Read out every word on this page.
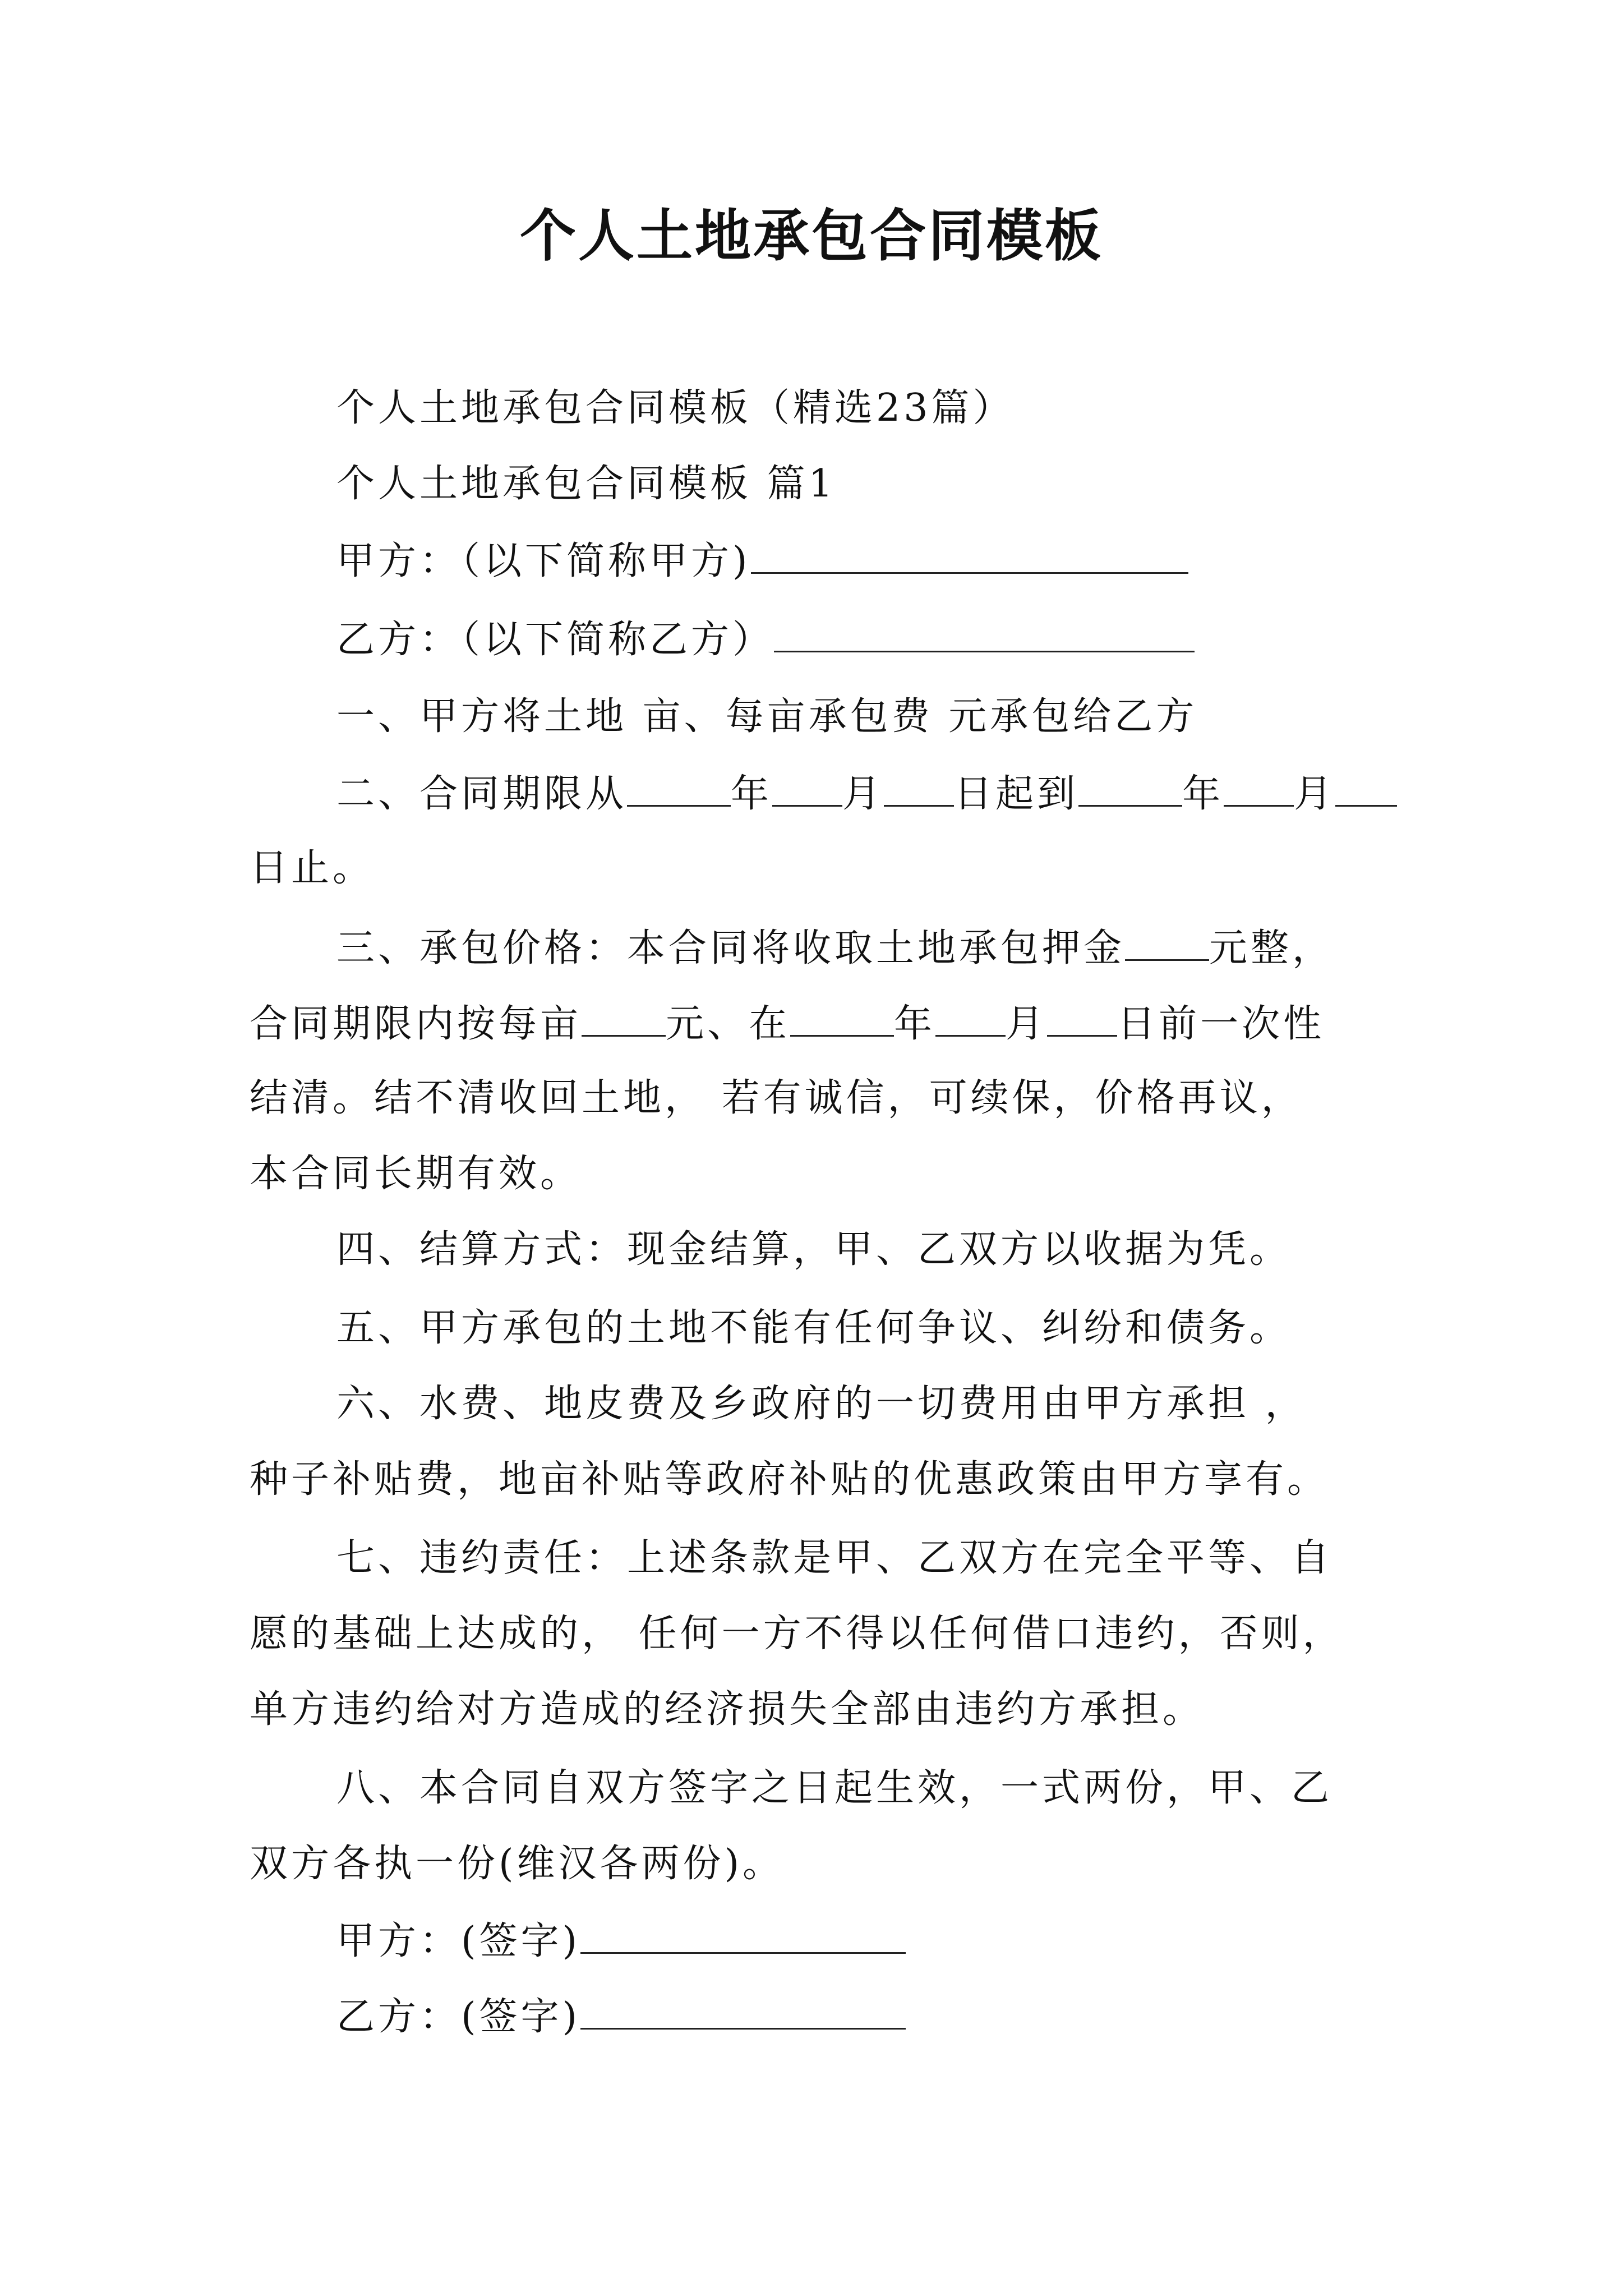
个人土地承包合同模板
个人土地承包合同模板（精选23篇）
个人土地承包合同模板 篇1
甲方：（以下简称甲方)
乙方：（以下简称乙方）
一、甲方将土地 亩、每亩承包费 元承包给乙方
二、合同期限从	年 月 日起到	年 月
日止。
三、承包价格：本合同将收取土地承包押金 元整，
合同期限内按每亩 元、在	年 月 日前一次性
结清。结不清收回土地， 若有诚信，可续保，价格再议，
本合同长期有效。
四、结算方式：现金结算，甲、乙双方以收据为凭。
五、甲方承包的土地不能有任何争议、纠纷和债务。
六、水费、地皮费及乡政府的一切费用由甲方承担 ，
种子补贴费，地亩补贴等政府补贴的优惠政策由甲方享有。
七、违约责任：上述条款是甲、乙双方在完全平等、自
愿的基础上达成的， 任何一方不得以任何借口违约，否则，
单方违约给对方造成的经济损失全部由违约方承担。
八、本合同自双方签字之日起生效，一式两份，甲、乙
双方各执一份(维汉各两份)。
甲方：(签字)
乙方：(签字)
